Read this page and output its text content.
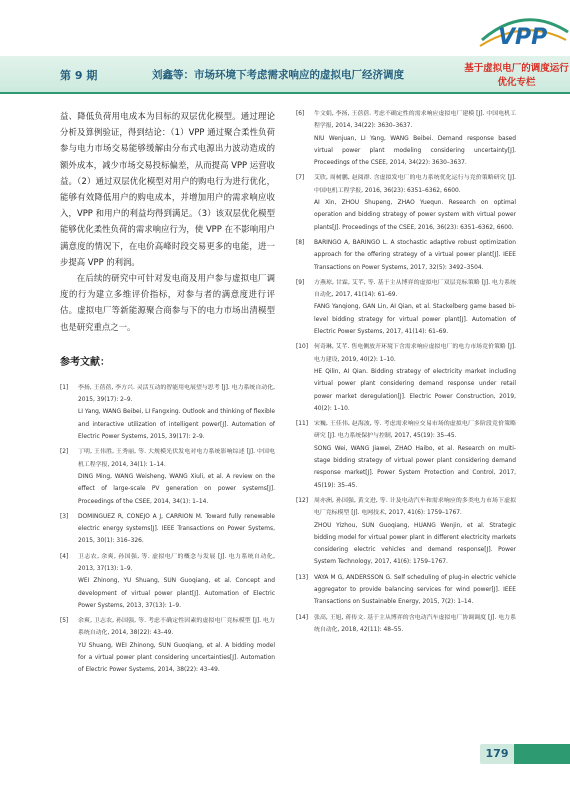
第 9 期	刘鑫等：市场环境下考虑需求响应的虚拟电厂经济调度
VPP
基于虚拟电厂的调度运行优化专栏

益、降低负荷用电成本为目标的双层优化模型。通过理论分析及算例验证，得到结论：（1）VPP 通过聚合柔性负荷参与电力市场交易能够缓解由分布式电源出力波动造成的额外成本，减少市场交易投标偏差，从而提高 VPP 运营收益。（2）通过双层优化模型对用户的购电行为进行优化，能够有效降低用户的购电成本，并增加用户的需求响应收入，VPP 和用户的利益均得到满足。（3）该双层优化模型能够优化柔性负荷的需求响应行为，使 VPP 在不影响用户满意度的情况下，在电价高峰时段交易更多的电能，进一步提高 VPP 的利润。

在后续的研究中可针对发电商及用户参与虚拟电厂调度的行为建立多维评价指标，对参与者的满意度进行评估。虚拟电厂等新能源聚合商参与下的电力市场出清模型也是研究重点之一。

参考文献：
[1]	李扬, 王蓓蓓, 李方兴. 灵活互动的智能用电展望与思考 [J]. 电力系统自动化, 2015, 39(17): 2–9.
LI Yang, WANG Beibei, LI Fangxing. Outlook and thinking of flexible and interactive utilization of intelligent power[J]. Automation of Electric Power Systems, 2015, 39(17): 2–9.
[2]	丁明, 王伟胜, 王秀丽, 等. 大规模光伏发电对电力系统影响综述 [J]. 中国电机工程学报, 2014, 34(1): 1–14.
DING Ming, WANG Weisheng, WANG Xiuli, et al. A review on the effect of large-scale PV generation on power systems[J]. Proceedings of the CSEE, 2014, 34(1): 1–14.
[3]	DOMINGUEZ R, CONEJO A J, CARRION M. Toward fully renewable electric energy systems[J]. IEEE Transactions on Power Systems, 2015, 30(1): 316–326.
[4]	卫志农, 余爽, 孙国强, 等. 虚拟电厂的概念与发展 [J]. 电力系统自动化, 2013, 37(13): 1–9.
WEI Zhinong, YU Shuang, SUN Guoqiang, et al. Concept and development of virtual power plant[J]. Automation of Electric Power Systems, 2013, 37(13): 1–9.
[5]	余爽, 卫志农, 孙国强, 等. 考虑不确定性因素的虚拟电厂竞标模型 [J]. 电力系统自动化, 2014, 38(22): 43–49.
YU Shuang, WEI Zhinong, SUN Guoqiang, et al. A bidding model for a virtual power plant considering uncertainties[J]. Automation of Electric Power Systems, 2014, 38(22): 43–49.
[6]	牛文娟, 李扬, 王蓓蓓. 考虑不确定性的需求响应虚拟电厂建模 [J]. 中国电机工程学报, 2014, 34(22): 3630–3637.
NIU Wenjuan, LI Yang, WANG Beibei. Demand response based virtual power plant modeling considering uncertainty[J]. Proceedings of the CSEE, 2014, 34(22): 3630–3637.
[7]	艾欣, 周树鹏, 赵阅群. 含虚拟发电厂的电力系统优化运行与竞价策略研究 [J]. 中国电机工程学报, 2016, 36(23): 6351–6362, 6600.
AI Xin, ZHOU Shupeng, ZHAO Yuequn. Research on optimal operation and bidding strategy of power system with virtual power plants[J]. Proceedings of the CSEE, 2016, 36(23): 6351–6362, 6600.
[8]	BARINGO A, BARINGO L. A stochastic adaptive robust optimization approach for the offering strategy of a virtual power plant[J]. IEEE Transactions on Power Systems, 2017, 32(5): 3492–3504.
[9]	方燕琼, 甘霖, 艾芊, 等. 基于主从博弈的虚拟电厂双层竞标策略 [J]. 电力系统自动化, 2017, 41(14): 61–69.
FANG Yanqiong, GAN Lin, AI Qian, et al. Stackelberg game based bi-level bidding strategy for virtual power plant[J]. Automation of Electric Power Systems, 2017, 41(14): 61–69.
[10]	何奇琳, 艾芊. 售电侧放开环境下含需求响应虚拟电厂的电力市场竞价策略 [J]. 电力建设, 2019, 40(2): 1–10.
HE Qilin, AI Qian. Bidding strategy of electricity market including virtual power plant considering demand response under retail power market deregulation[J]. Electric Power Construction, 2019, 40(2): 1–10.
[11]	宋巍, 王佳伟, 赵海波, 等. 考虑需求响应交易市场的虚拟电厂多阶段竞价策略研究 [J]. 电力系统保护与控制, 2017, 45(19): 35–45.
SONG Wei, WANG Jiawei, ZHAO Haibo, et al. Research on multi-stage bidding strategy of virtual power plant considering demand response market[J]. Power System Protection and Control, 2017, 45(19): 35–45.
[12]	周亦洲, 孙国强, 黄文进, 等. 计及电动汽车和需求响应的多类电力市场下虚拟电厂竞标模型 [J]. 电网技术, 2017, 41(6): 1759–1767.
ZHOU Yizhou, SUN Guoqiang, HUANG Wenjin, et al. Strategic bidding model for virtual power plant in different electricity markets considering electric vehicles and demand response[J]. Power System Technology, 2017, 41(6): 1759–1767.
[13]	VAYA M G, ANDERSSON G. Self scheduling of plug-in electric vehicle aggregator to provide balancing services for wind power[J]. IEEE Transactions on Sustainable Energy, 2015, 7(2): 1–14.
[14]	张高, 王旭, 蒋传文. 基于主从博弈的含电动汽车虚拟电厂协调调度 [J]. 电力系统自动化, 2018, 42(11): 48–55.
179
